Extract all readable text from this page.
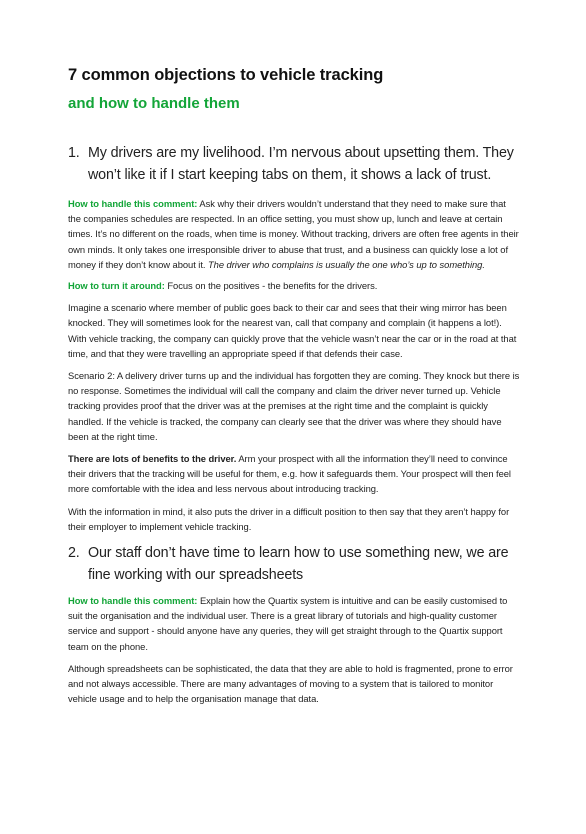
7 common objections to vehicle tracking
and how to handle them
1. My drivers are my livelihood. I’m nervous about upsetting them. They won’t like it if I start keeping tabs on them, it shows a lack of trust.

How to handle this comment: Ask why their drivers wouldn’t understand that they need to make sure that the companies schedules are respected. In an office setting, you must show up, lunch and leave at certain times. It’s no different on the roads, when time is money. Without tracking, drivers are often free agents in their own minds. It only takes one irresponsible driver to abuse that trust, and a business can quickly lose a lot of money if they don’t know about it. The driver who complains is usually the one who’s up to something.

How to turn it around: Focus on the positives - the benefits for the drivers.

Imagine a scenario where member of public goes back to their car and sees that their wing mirror has been knocked. They will sometimes look for the nearest van, call that company and complain (it happens a lot!). With vehicle tracking, the company can quickly prove that the vehicle wasn’t near the car or in the road at that time, and that they were travelling an appropriate speed if that defends their case.

Scenario 2: A delivery driver turns up and the individual has forgotten they are coming. They knock but there is no response. Sometimes the individual will call the company and claim the driver never turned up. Vehicle tracking provides proof that the driver was at the premises at the right time and the complaint is quickly handled. If the vehicle is tracked, the company can clearly see that the driver was where they should have been at the right time.

There are lots of benefits to the driver. Arm your prospect with all the information they’ll need to convince their drivers that the tracking will be useful for them, e.g. how it safeguards them. Your prospect will then feel more comfortable with the idea and less nervous about introducing tracking.

With the information in mind, it also puts the driver in a difficult position to then say that they aren’t happy for their employer to implement vehicle tracking.

2. Our staff don’t have time to learn how to use something new, we are fine working with our spreadsheets

How to handle this comment: Explain how the Quartix system is intuitive and can be easily customised to suit the organisation and the individual user. There is a great library of tutorials and high-quality customer service and support - should anyone have any queries, they will get straight through to the Quartix support team on the phone.

Although spreadsheets can be sophisticated, the data that they are able to hold is fragmented, prone to error and not always accessible. There are many advantages of moving to a system that is tailored to monitor vehicle usage and to help the organisation manage that data.
